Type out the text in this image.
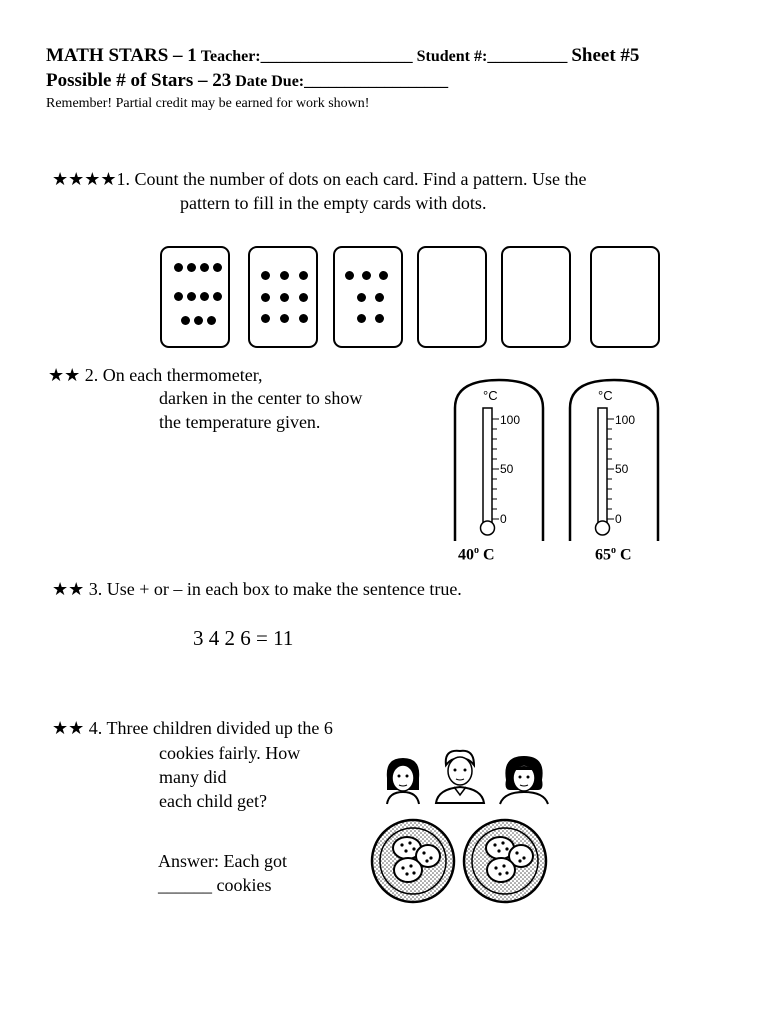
MATH STARS – 1 Teacher:___________________ Student #:__________ Sheet #5
Possible # of Stars – 23 Date Due:__________________
Remember! Partial credit may be earned for work shown!
★★★★1. Count the number of dots on each card. Find a pattern. Use the
pattern to fill in the empty cards with dots.
★★ 2. On each thermometer,
darken in the center to show
the temperature given.
°C
100
50
0
°C
100
50
0
40$^o$ C	65$^o$ C
★★ 3. Use + or – in each box to make the sentence true.
3 4 2 6 = 11
★★ 4. Three children divided up the 6
cookies fairly. How
many did
each child get?
Answer: Each got
______ cookies
